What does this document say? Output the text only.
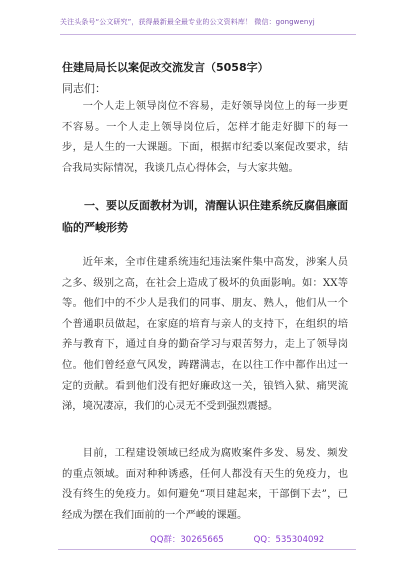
关注头条号“公文研究”，获得最新最全最专业的公文资料库！ 微信：gongwenyj
住建局局长以案促改交流发言（5058字）
同志们：

一个人走上领导岗位不容易，走好领导岗位上的每一步更不容易。一个人走上领导岗位后，怎样才能走好脚下的每一步，是人生的一大课题。下面，根据市纪委以案促改要求，结合我局实际情况，我谈几点心得体会，与大家共勉。

一、要以反面教材为训，清醒认识住建系统反腐倡廉面临的严峻形势

近年来，全市住建系统违纪违法案件集中高发，涉案人员之多、级别之高，在社会上造成了极坏的负面影响。如：XX等等。他们中的不少人是我们的同事、朋友、熟人，他们从一个个普通职员做起，在家庭的培育与亲人的支持下，在组织的培养与教育下，通过自身的勤奋学习与艰苦努力，走上了领导岗位。他们曾经意气风发，踌躇满志，在以往工作中都作出过一定的贡献。看到他们没有把好廉政这一关，锒铛入狱、痛哭流涕，境况凄凉，我们的心灵无不受到强烈震撼。

目前，工程建设领域已经成为腐败案件多发、易发、频发的重点领域。面对种种诱惑，任何人都没有天生的免疫力，也没有终生的免疫力。如何避免“项目建起来，干部倒下去”，已经成为摆在我们面前的一个严峻的课题。

QQ群：30265665	QQ：535304092
